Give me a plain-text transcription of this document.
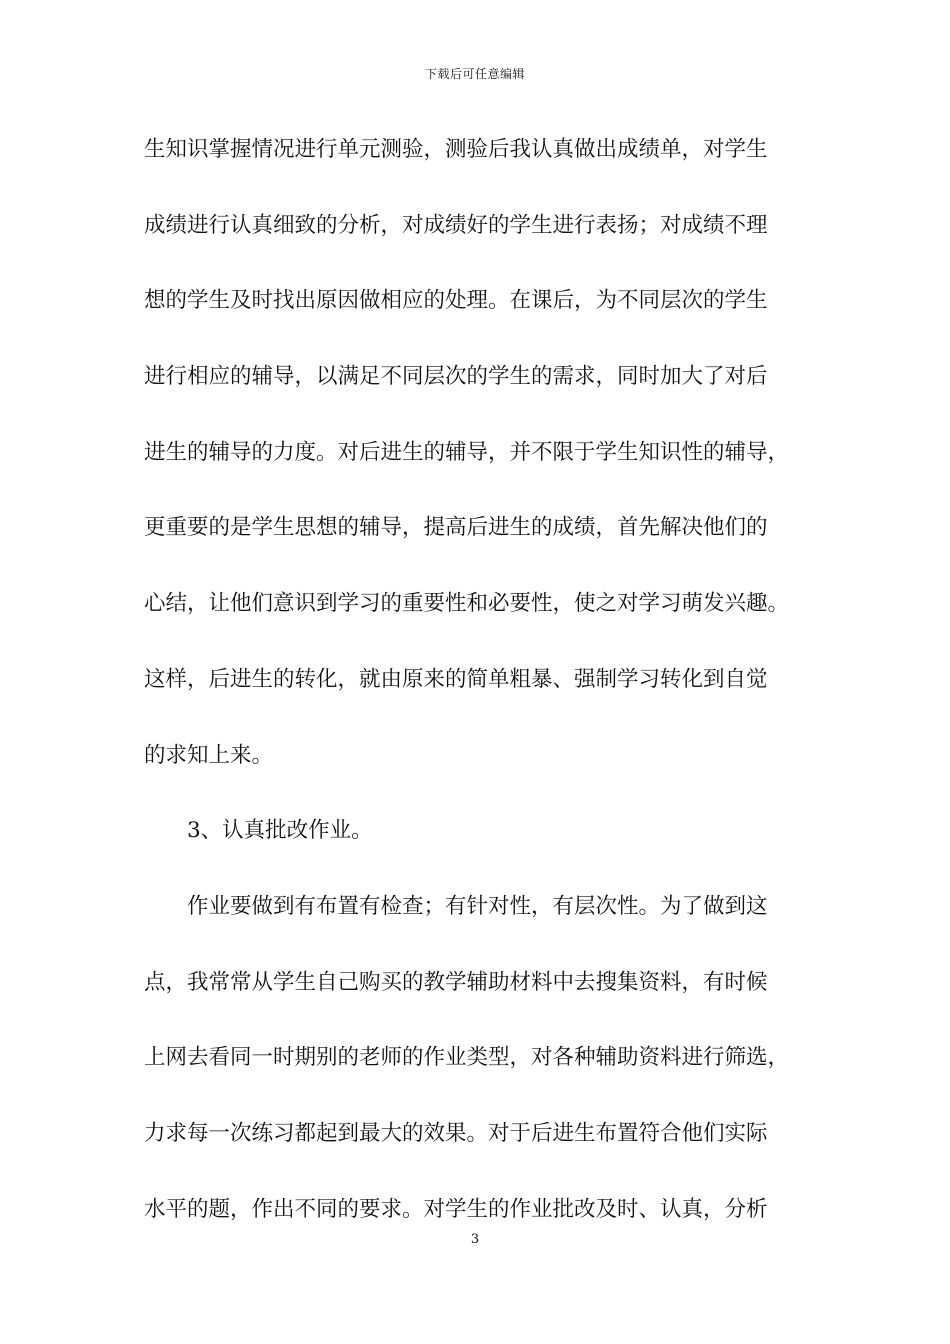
下载后可任意编辑
生知识掌握情况进行单元测验，测验后我认真做出成绩单，对学生
成绩进行认真细致的分析，对成绩好的学生进行表扬；对成绩不理
想的学生及时找出原因做相应的处理。在课后，为不同层次的学生
进行相应的辅导，以满足不同层次的学生的需求，同时加大了对后
进生的辅导的力度。对后进生的辅导，并不限于学生知识性的辅导，
更重要的是学生思想的辅导，提高后进生的成绩，首先解决他们的
心结，让他们意识到学习的重要性和必要性，使之对学习萌发兴趣。
这样，后进生的转化，就由原来的简单粗暴、强制学习转化到自觉
的求知上来。
3、认真批改作业。
作业要做到有布置有检查；有针对性，有层次性。为了做到这
点，我常常从学生自己购买的教学辅助材料中去搜集资料，有时候
上网去看同一时期别的老师的作业类型，对各种辅助资料进行筛选，
力求每一次练习都起到最大的效果。对于后进生布置符合他们实际
水平的题，作出不同的要求。对学生的作业批改及时、认真，分析
3
